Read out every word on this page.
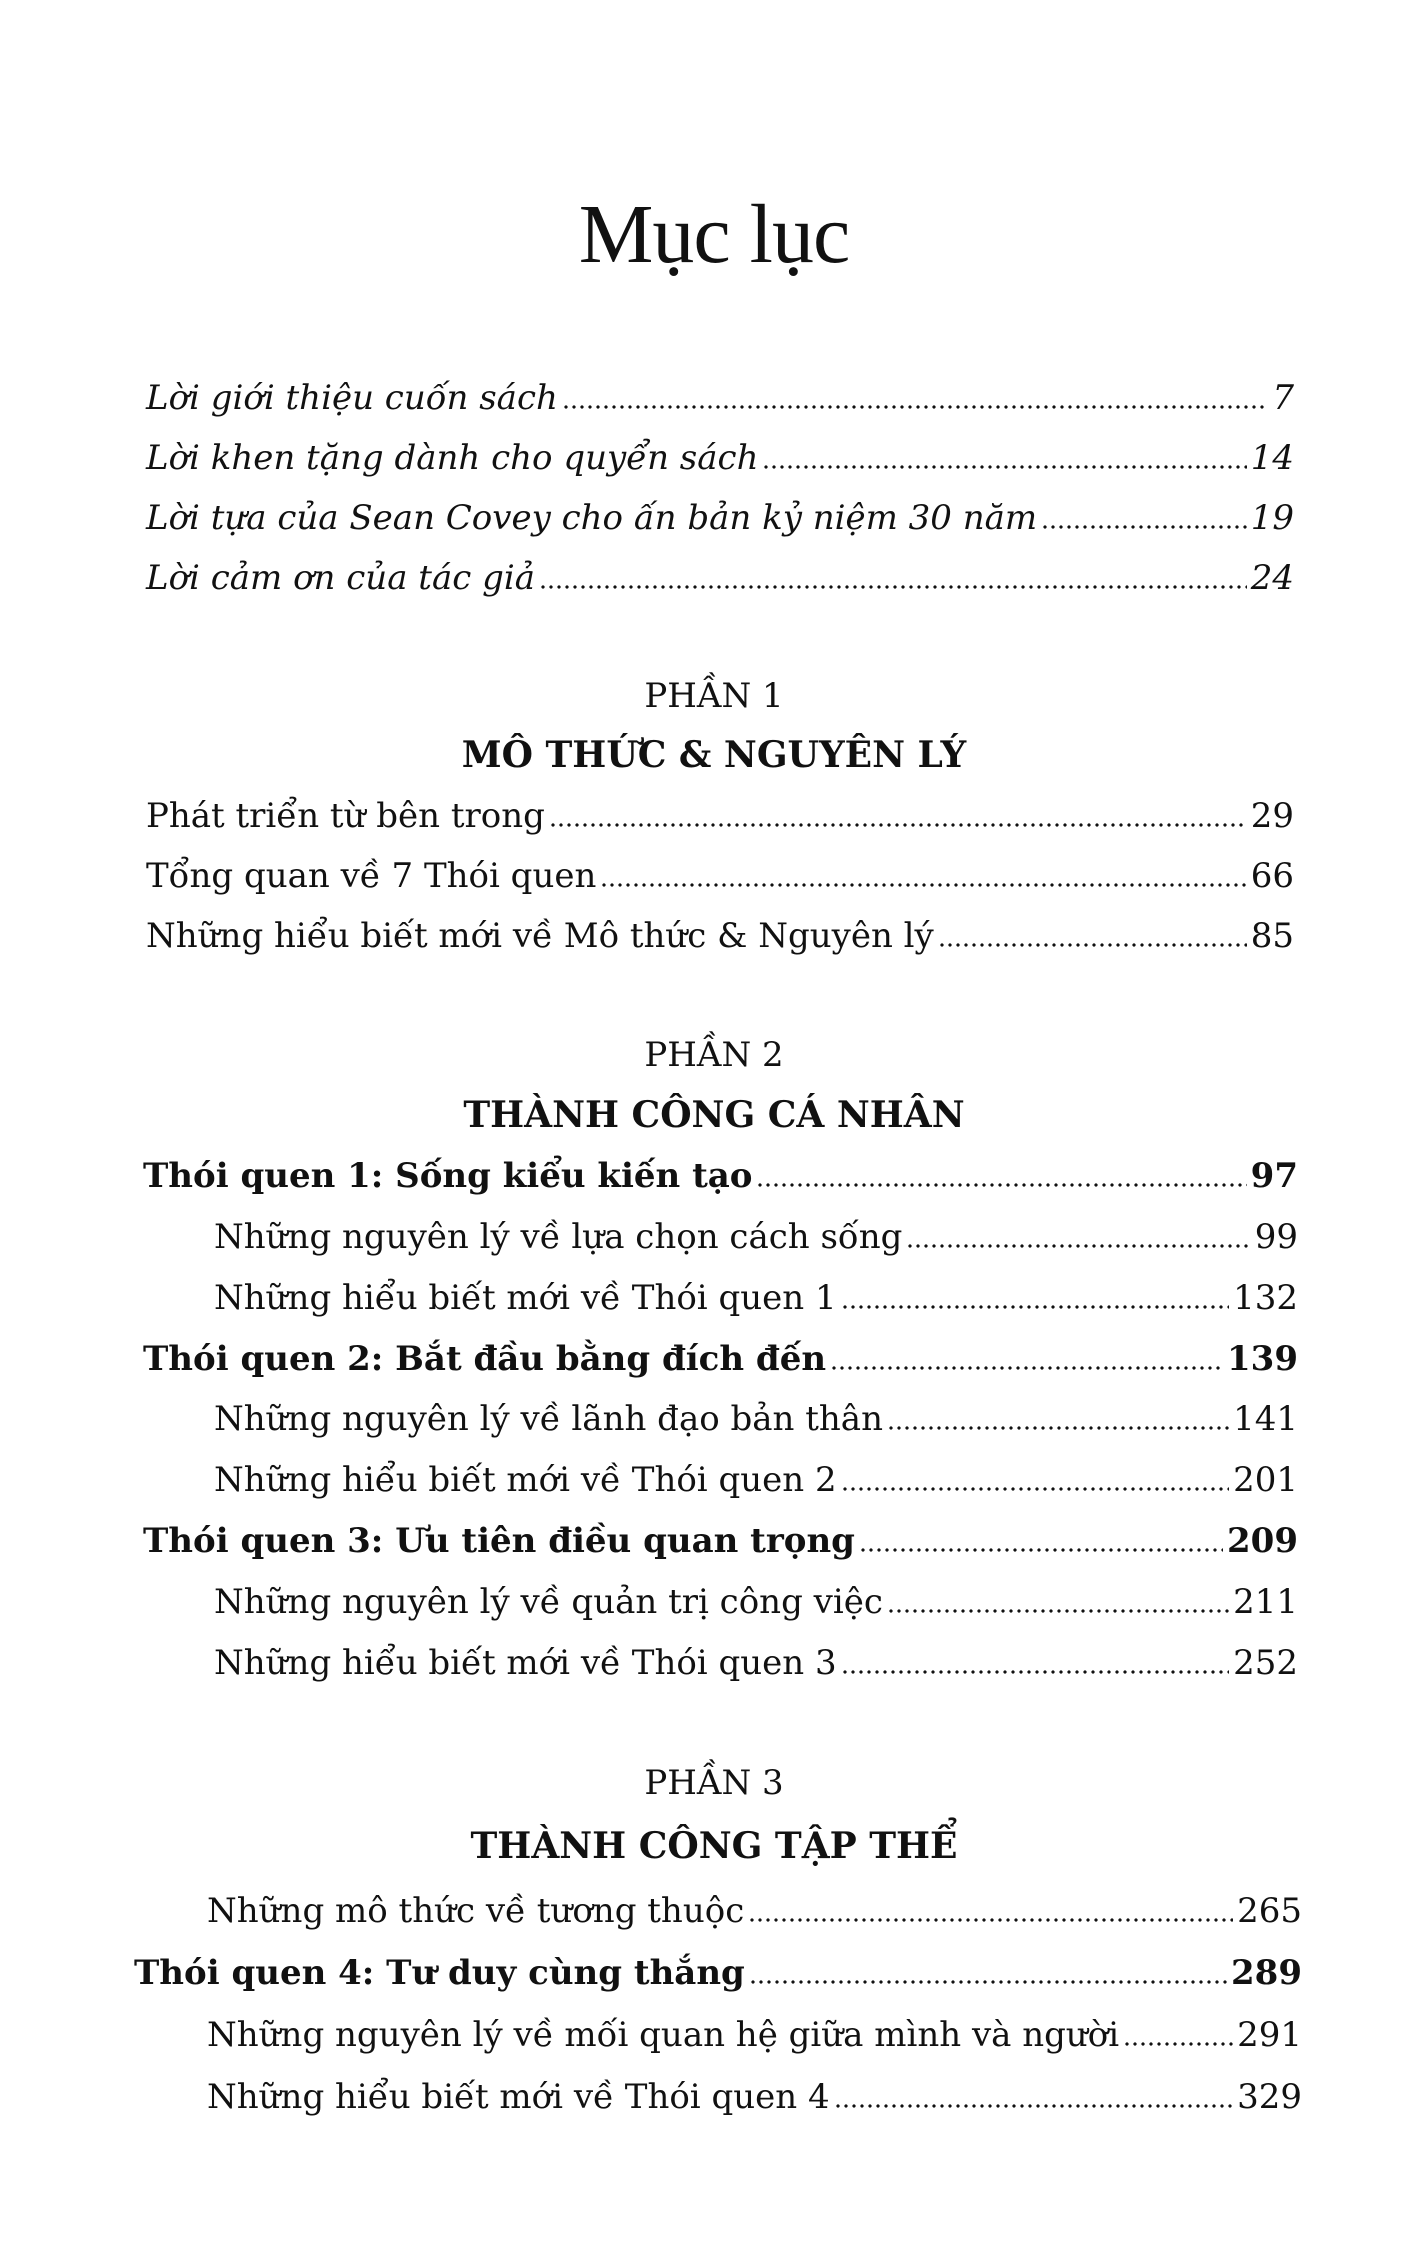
Mục lục
Lời giới thiệu cuốn sách	7
Lời khen tặng dành cho quyển sách	14
Lời tựa của Sean Covey cho ấn bản kỷ niệm 30 năm	19
Lời cảm ơn của tác giả	24
PHẦN 1
MÔ THỨC & NGUYÊN LÝ
Phát triển từ bên trong	29
Tổng quan về 7 Thói quen	66
Những hiểu biết mới về Mô thức & Nguyên lý	85
PHẦN 2
THÀNH CÔNG CÁ NHÂN
Thói quen 1: Sống kiểu kiến tạo	97
Những nguyên lý về lựa chọn cách sống	99
Những hiểu biết mới về Thói quen 1	132
Thói quen 2: Bắt đầu bằng đích đến	139
Những nguyên lý về lãnh đạo bản thân	141
Những hiểu biết mới về Thói quen 2	201
Thói quen 3: Ưu tiên điều quan trọng	209
Những nguyên lý về quản trị công việc	211
Những hiểu biết mới về Thói quen 3	252
PHẦN 3
THÀNH CÔNG TẬP THỂ
Những mô thức về tương thuộc	265
Thói quen 4: Tư duy cùng thắng	289
Những nguyên lý về mối quan hệ giữa mình và người	291
Những hiểu biết mới về Thói quen 4	329
